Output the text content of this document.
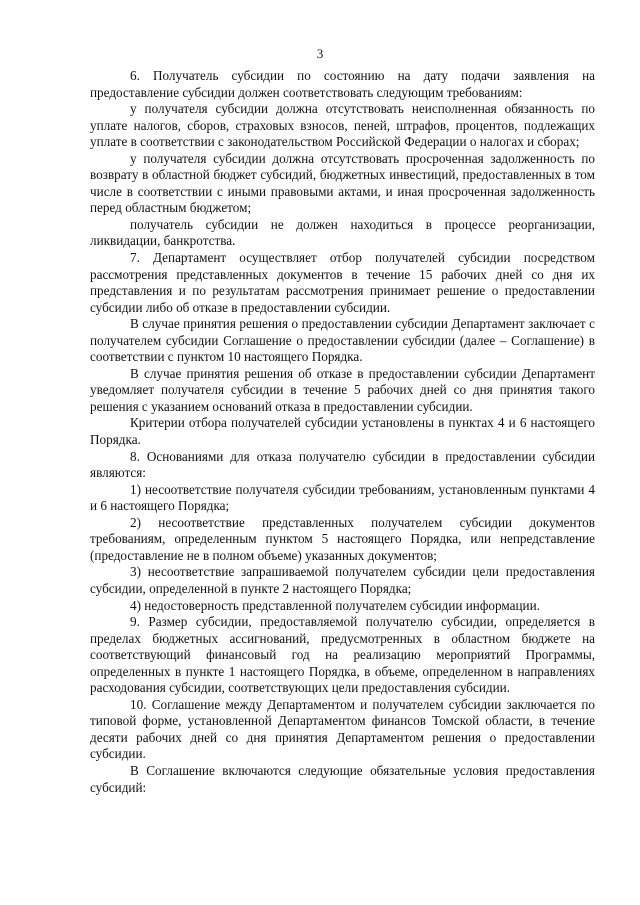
3

6. Получатель субсидии по состоянию на дату подачи заявления на предоставление субсидии должен соответствовать следующим требованиям:

у получателя субсидии должна отсутствовать неисполненная обязанность по уплате налогов, сборов, страховых взносов, пеней, штрафов, процентов, подлежащих уплате в соответствии с законодательством Российской Федерации о налогах и сборах;

у получателя субсидии должна отсутствовать просроченная задолженность по возврату в областной бюджет субсидий, бюджетных инвестиций, предоставленных в том числе в соответствии с иными правовыми актами, и иная просроченная задолженность перед областным бюджетом;

получатель субсидии не должен находиться в процессе реорганизации, ликвидации, банкротства.

7. Департамент осуществляет отбор получателей субсидии посредством рассмотрения представленных документов в течение 15 рабочих дней со дня их представления и по результатам рассмотрения принимает решение о предоставлении субсидии либо об отказе в предоставлении субсидии.

В случае принятия решения о предоставлении субсидии Департамент заключает с получателем субсидии Соглашение о предоставлении субсидии (далее – Соглашение) в соответствии с пунктом 10 настоящего Порядка.

В случае принятия решения об отказе в предоставлении субсидии Департамент уведомляет получателя субсидии в течение 5 рабочих дней со дня принятия такого решения с указанием оснований отказа в предоставлении субсидии.

Критерии отбора получателей субсидии установлены в пунктах 4 и 6 настоящего Порядка.

8. Основаниями для отказа получателю субсидии в предоставлении субсидии являются:

1) несоответствие получателя субсидии требованиям, установленным пунктами 4 и 6 настоящего Порядка;

2) несоответствие представленных получателем субсидии документов требованиям, определенным пунктом 5 настоящего Порядка, или непредставление (предоставление не в полном объеме) указанных документов;

3) несоответствие запрашиваемой получателем субсидии цели предоставления субсидии, определенной в пункте 2 настоящего Порядка;

4) недостоверность представленной получателем субсидии информации.

9. Размер субсидии, предоставляемой получателю субсидии, определяется в пределах бюджетных ассигнований, предусмотренных в областном бюджете на соответствующий финансовый год на реализацию мероприятий Программы, определенных в пункте 1 настоящего Порядка, в объеме, определенном в направлениях расходования субсидии, соответствующих цели предоставления субсидии.

10. Соглашение между Департаментом и получателем субсидии заключается по типовой форме, установленной Департаментом финансов Томской области, в течение десяти рабочих дней со дня принятия Департаментом решения о предоставлении субсидии.

В Соглашение включаются следующие обязательные условия предоставления субсидий:
